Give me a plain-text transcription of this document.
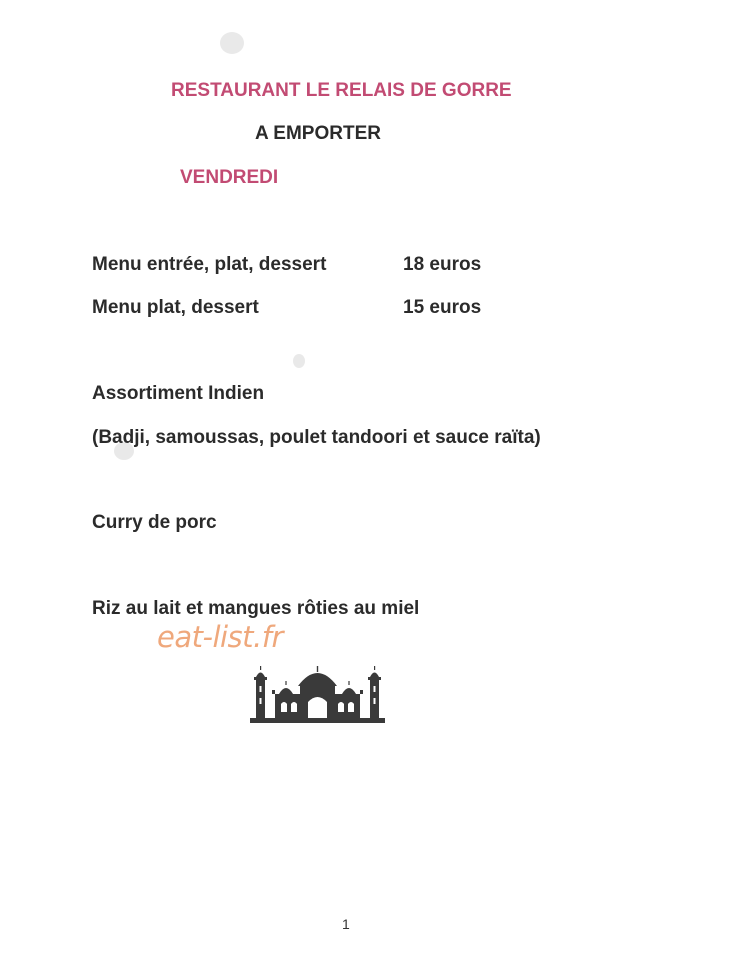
RESTAURANT LE RELAIS DE GORRE
A EMPORTER
VENDREDI
Menu entrée, plat, dessert	18 euros
Menu plat, dessert	15 euros
Assortiment Indien
(Badji, samoussas, poulet tandoori et sauce raïta)
Curry de porc
Riz au lait et mangues rôties au miel
eat-list.fr
1
